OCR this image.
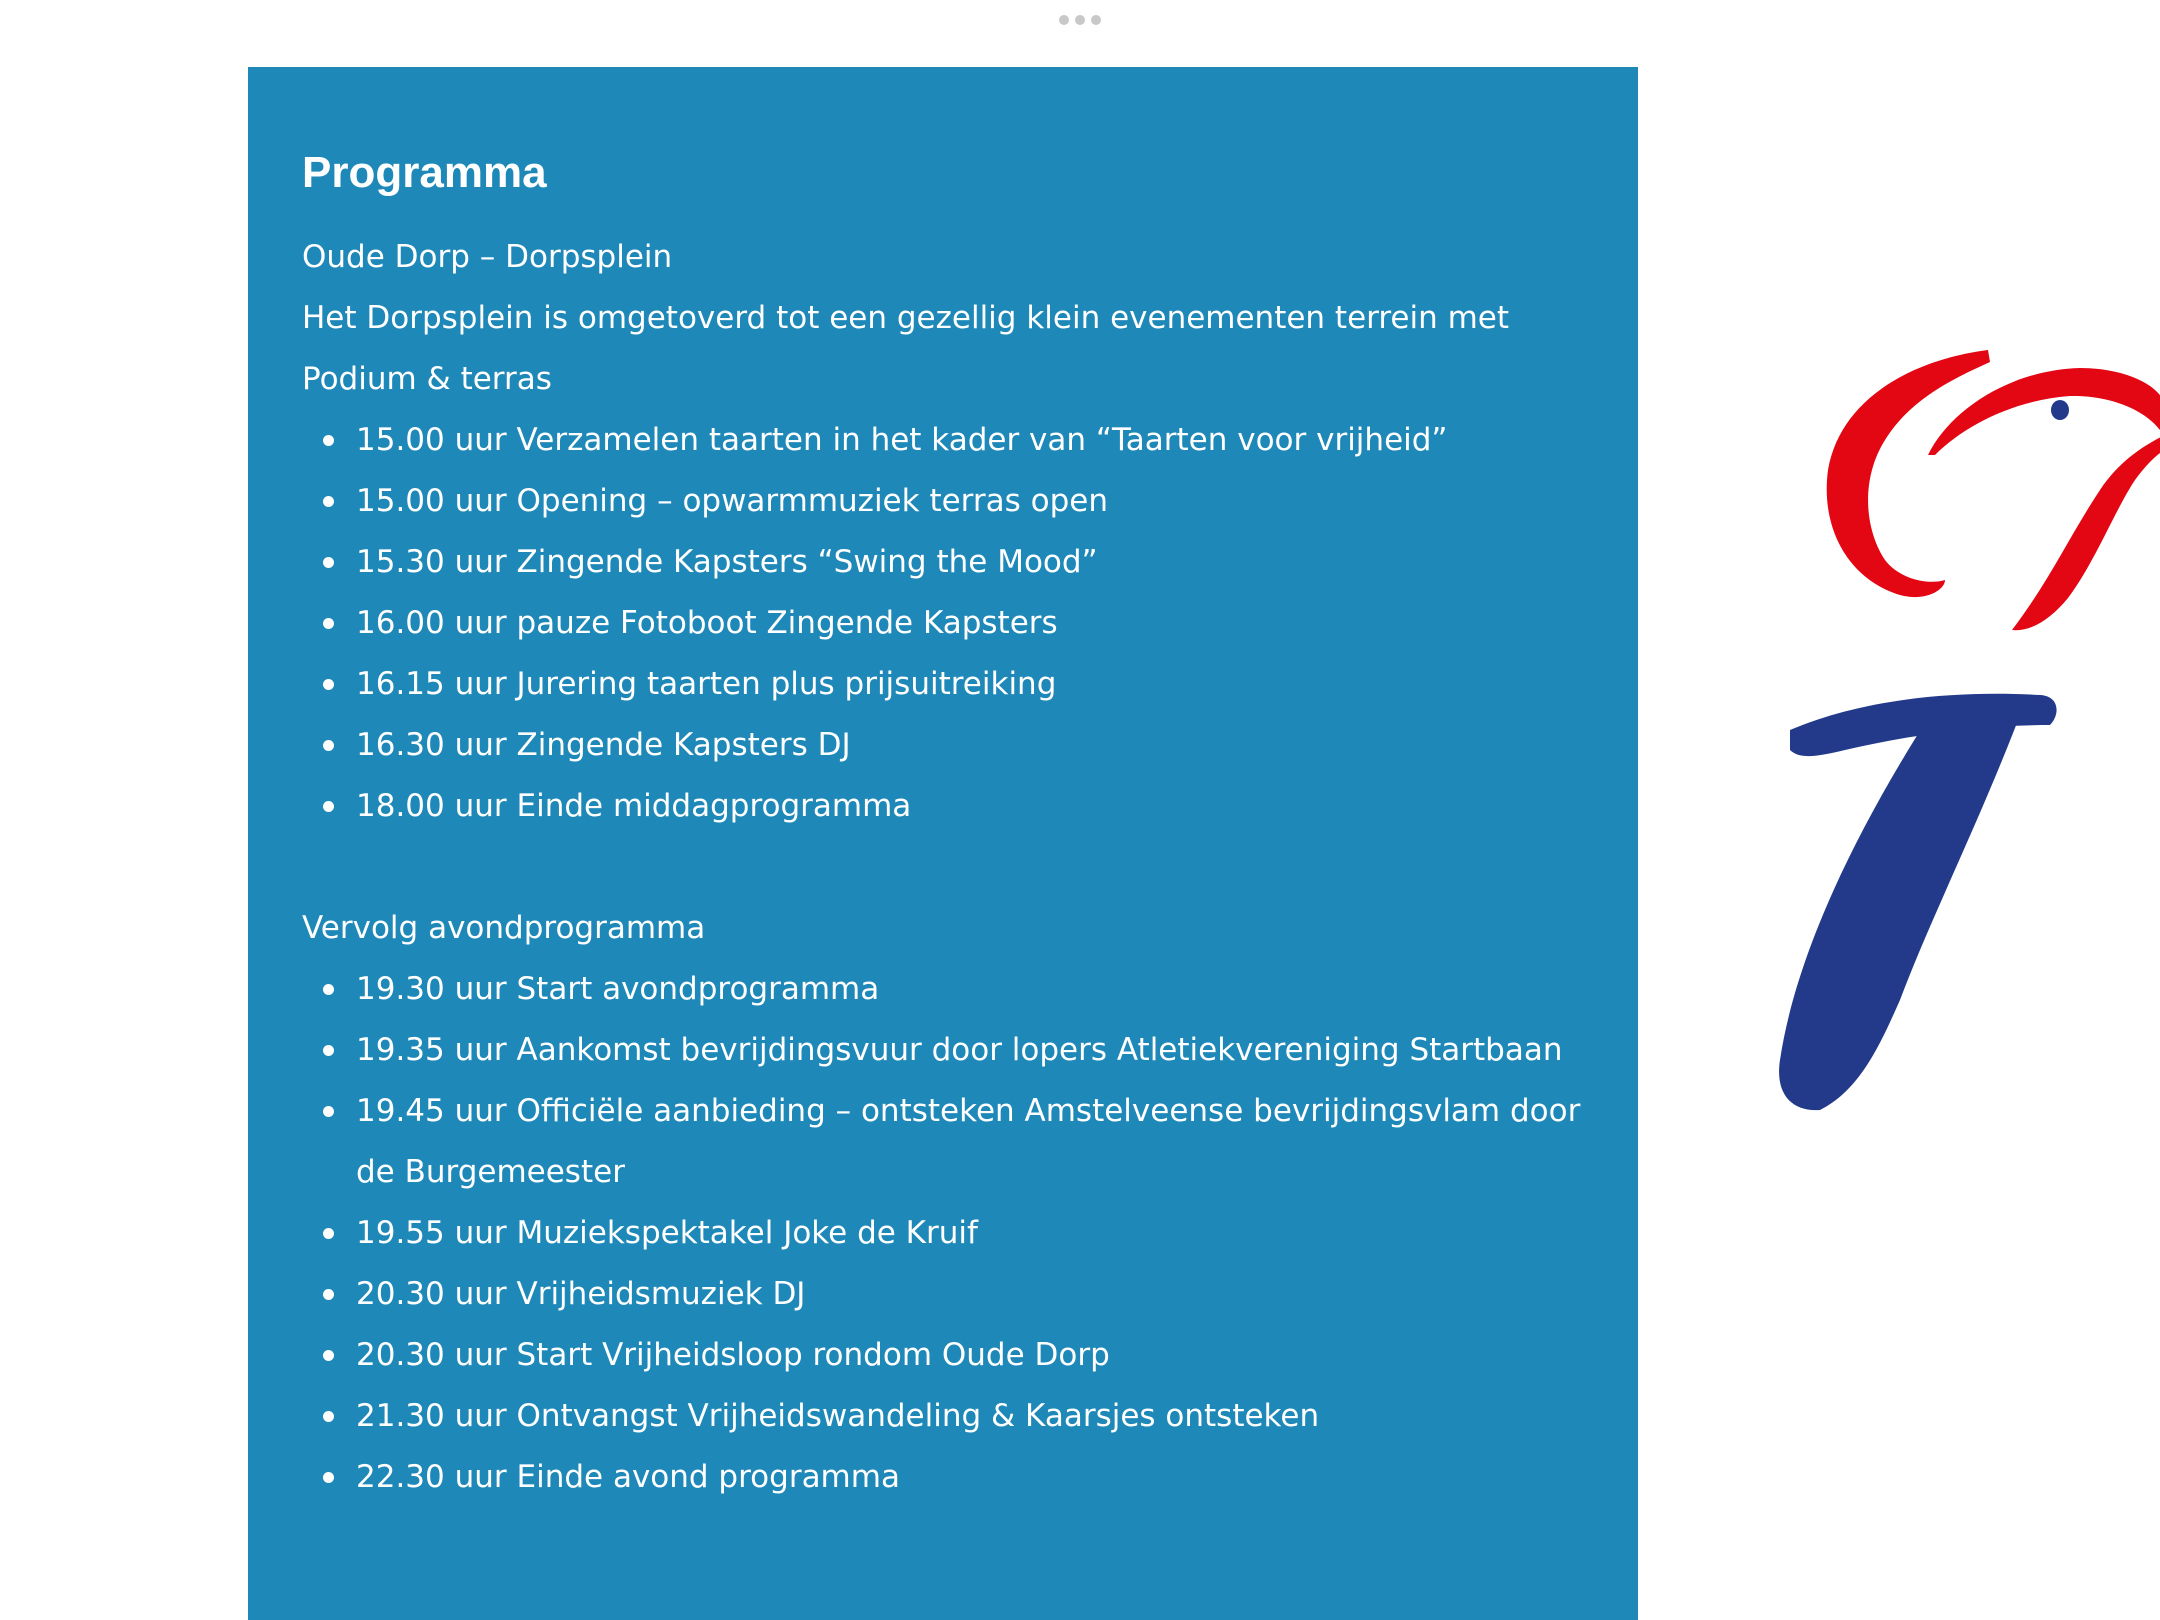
Programma

Oude Dorp – Dorpsplein

Het Dorpsplein is omgetoverd tot een gezellig klein evenementen terrein met

Podium & terras

15.00 uur Verzamelen taarten in het kader van “Taarten voor vrijheid”
15.00 uur Opening – opwarmmuziek terras open
15.30 uur Zingende Kapsters “Swing the Mood”
16.00 uur pauze Fotoboot Zingende Kapsters
16.15 uur Jurering taarten plus prijsuitreiking
16.30 uur Zingende Kapsters DJ
18.00 uur Einde middagprogramma

Vervolg avondprogramma

19.30 uur Start avondprogramma
19.35 uur Aankomst bevrijdingsvuur door lopers Atletiekvereniging Startbaan
19.45 uur Officiële aanbieding – ontsteken Amstelveense bevrijdingsvlam door
de Burgemeester
19.55 uur Muziekspektakel Joke de Kruif
20.30 uur Vrijheidsmuziek DJ
20.30 uur Start Vrijheidsloop rondom Oude Dorp
21.30 uur Ontvangst Vrijheidswandeling & Kaarsjes ontsteken
22.30 uur Einde avond programma
